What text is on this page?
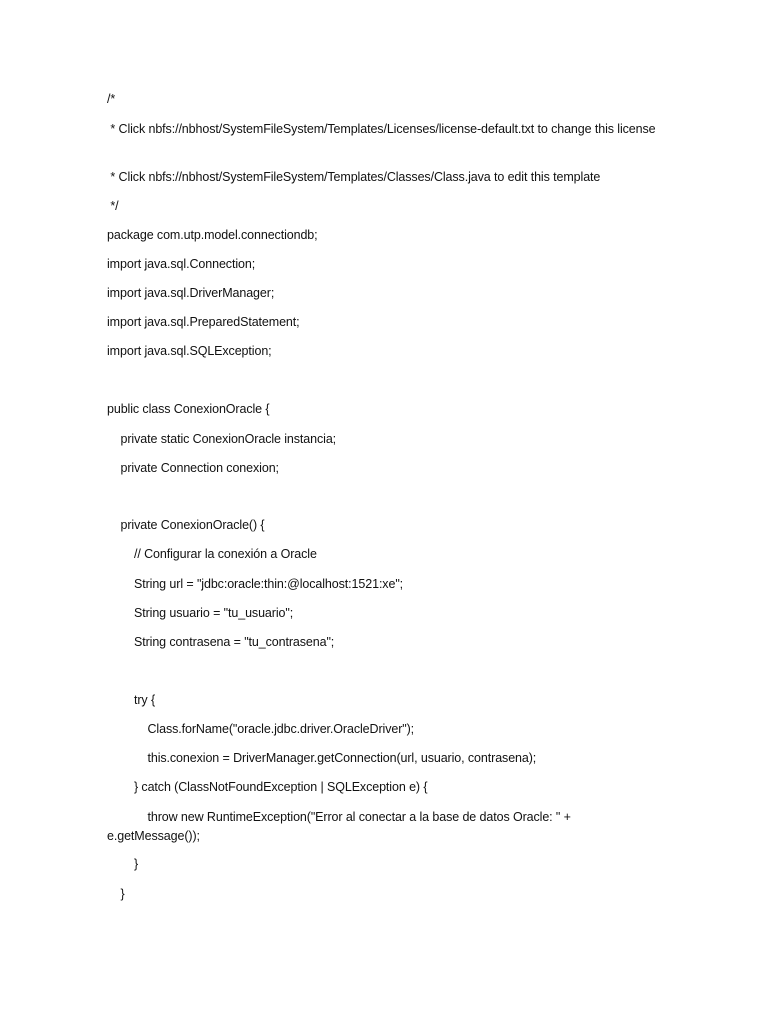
/*
* Click nbfs://nbhost/SystemFileSystem/Templates/Licenses/license-default.txt to change this license
* Click nbfs://nbhost/SystemFileSystem/Templates/Classes/Class.java to edit this template
*/
package com.utp.model.connectiondb;
import java.sql.Connection;
import java.sql.DriverManager;
import java.sql.PreparedStatement;
import java.sql.SQLException;
public class ConexionOracle {
private static ConexionOracle instancia;
private Connection conexion;
private ConexionOracle() {
// Configurar la conexión a Oracle
String url = "jdbc:oracle:thin:@localhost:1521:xe";
String usuario = "tu_usuario";
String contrasena = "tu_contrasena";
try {
Class.forName("oracle.jdbc.driver.OracleDriver");
this.conexion = DriverManager.getConnection(url, usuario, contrasena);
} catch (ClassNotFoundException | SQLException e) {
throw new RuntimeException("Error al conectar a la base de datos Oracle: " + e.getMessage());
}
}
